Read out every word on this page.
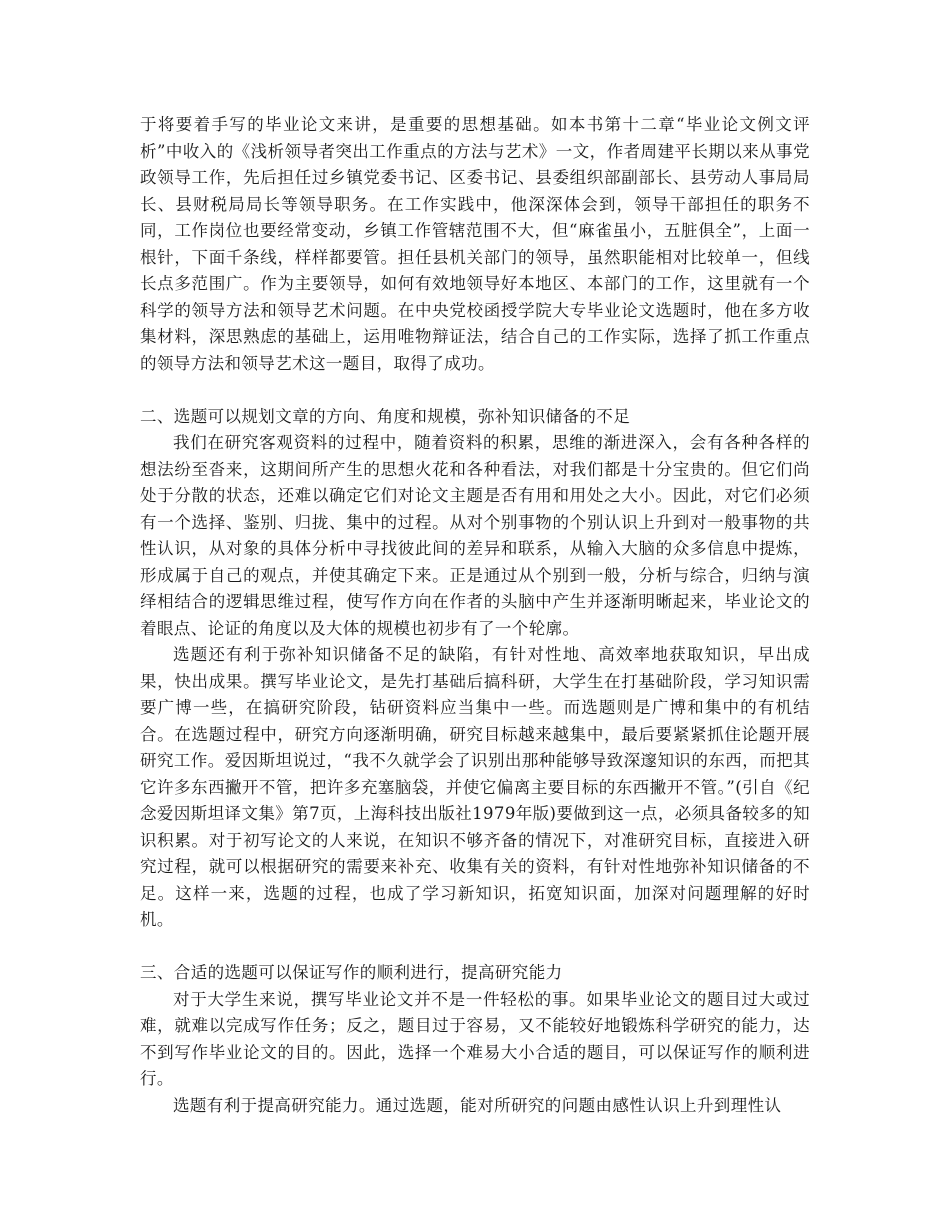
于将要着手写的毕业论文来讲，是重要的思想基础。如本书第十二章“毕业论文例文评析”中收入的《浅析领导者突出工作重点的方法与艺术》一文，作者周建平长期以来从事党政领导工作，先后担任过乡镇党委书记、区委书记、县委组织部副部长、县劳动人事局局长、县财税局局长等领导职务。在工作实践中，他深深体会到，领导干部担任的职务不同，工作岗位也要经常变动，乡镇工作管辖范围不大，但“麻雀虽小，五脏俱全”，上面一根针，下面千条线，样样都要管。担任县机关部门的领导，虽然职能相对比较单一，但线长点多范围广。作为主要领导，如何有效地领导好本地区、本部门的工作，这里就有一个科学的领导方法和领导艺术问题。在中央党校函授学院大专毕业论文选题时，他在多方收集材料，深思熟虑的基础上，运用唯物辩证法，结合自己的工作实际，选择了抓工作重点的领导方法和领导艺术这一题目，取得了成功。

二、选题可以规划文章的方向、角度和规模，弥补知识储备的不足

我们在研究客观资料的过程中，随着资料的积累，思维的渐进深入，会有各种各样的想法纷至沓来，这期间所产生的思想火花和各种看法，对我们都是十分宝贵的。但它们尚处于分散的状态，还难以确定它们对论文主题是否有用和用处之大小。因此，对它们必须有一个选择、鉴别、归拢、集中的过程。从对个别事物的个别认识上升到对一般事物的共性认识，从对象的具体分析中寻找彼此间的差异和联系，从输入大脑的众多信息中提炼，形成属于自己的观点，并使其确定下来。正是通过从个别到一般，分析与综合，归纳与演绎相结合的逻辑思维过程，使写作方向在作者的头脑中产生并逐渐明晰起来，毕业论文的着眼点、论证的角度以及大体的规模也初步有了一个轮廓。

选题还有利于弥补知识储备不足的缺陷，有针对性地、高效率地获取知识，早出成果，快出成果。撰写毕业论文，是先打基础后搞科研，大学生在打基础阶段，学习知识需要广博一些，在搞研究阶段，钻研资料应当集中一些。而选题则是广博和集中的有机结合。在选题过程中，研究方向逐渐明确，研究目标越来越集中，最后要紧紧抓住论题开展研究工作。爱因斯坦说过，“我不久就学会了识别出那种能够导致深邃知识的东西，而把其它许多东西撇开不管，把许多充塞脑袋，并使它偏离主要目标的东西撇开不管。”(引自《纪念爱因斯坦译文集》第7页，上海科技出版社1979年版)要做到这一点，必须具备较多的知识积累。对于初写论文的人来说，在知识不够齐备的情况下，对准研究目标，直接进入研究过程，就可以根据研究的需要来补充、收集有关的资料，有针对性地弥补知识储备的不足。这样一来，选题的过程，也成了学习新知识，拓宽知识面，加深对问题理解的好时机。

三、合适的选题可以保证写作的顺利进行，提高研究能力

对于大学生来说，撰写毕业论文并不是一件轻松的事。如果毕业论文的题目过大或过难，就难以完成写作任务；反之，题目过于容易，又不能较好地锻炼科学研究的能力，达不到写作毕业论文的目的。因此，选择一个难易大小合适的题目，可以保证写作的顺利进行。

选题有利于提高研究能力。通过选题，能对所研究的问题由感性认识上升到理性认
